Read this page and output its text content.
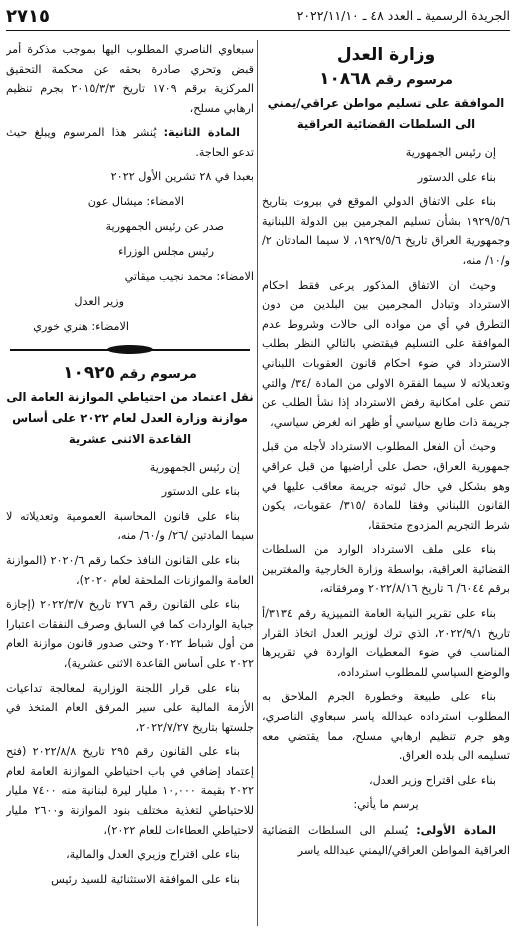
٢٧١٥	الجريدة الرسمية ـ العدد ٤٨ ـ ٢٠٢٢/١١/١٠

وزارة العدل

مرسوم رقم ١٠٨٦٨

الموافقة على تسليم مواطن عراقي/يمني الى السلطات القضائية العراقية

إن رئيس الجمهورية

بناء على الدستور

بناء على الاتفاق الدولي الموقع في بيروت بتاريخ ١٩٢٩/٥/٦ بشأن تسليم المجرمين بين الدولة اللبنانية وجمهورية العراق تاريخ ١٩٢٩/٥/٦، لا سيما المادتان ٢/ و/١٠/ منه،

وحيث ان الاتفاق المذكور يرعى فقط احكام الاسترداد وتبادل المجرمين بين البلدين من دون التطرق في أي من مواده الى حالات وشروط عدم الموافقة على التسليم فيقتضي بالتالي النظر بطلب الاسترداد في ضوء احكام قانون العقوبات اللبناني وتعديلاته لا سيما الفقرة الاولى من المادة /٣٤/ والتي تنص على امكانية رفض الاسترداد إذا نشأ الطلب عن جريمة ذات طابع سياسي أو ظهر انه لغرض سياسي،

وحيث أن الفعل المطلوب الاسترداد لأجله من قبل جمهورية العراق، حصل على أراضيها من قبل عراقي وهو بشكل في حال ثبوته جريمة معاقب عليها في القانون اللبناني وفقا للمادة /٣١٥/ عقوبات، يكون شرط التجريم المزدوج متحققا،

بناء على ملف الاسترداد الوارد من السلطات القضائية العراقية، بواسطة وزارة الخارجية والمغتربين برقم ٦٠٤٤/ ٦ تاريخ ٢٠٢٢/٨/١٦ ومرفقاته،

بناء على تقرير النيابة العامة التمييزية رقم ٣١٣٤/أ تاريخ ٢٠٢٢/٩/١، الذي ترك لوزير العدل اتخاذ القرار المناسب في ضوء المعطيات الواردة في تقريرها والوضع السياسي للمطلوب استرداده،

بناء على طبيعة وخطورة الجرم الملاحق به المطلوب استرداده عبدالله ياسر سبعاوي الناصري، وهو جرم تنظيم ارهابي مسلح، مما يقتضي معه تسليمه الى بلده العراق.

بناء على اقتراح وزير العدل،

يرسم ما يأتي:

المادة الأولى: يُسلم الى السلطات القضائية العراقية المواطن العراقي/اليمني عبدالله ياسر

سبعاوي الناصري المطلوب اليها بموجب مذكرة أمر قبض وتحري صادرة بحقه عن محكمة التحقيق المركزية برقم ١٧٠٩ تاريخ ٢٠١٥/٣/٣ بجرم تنظيم ارهابي مسلح،

المادة الثانية: يُنشر هذا المرسوم ويبلغ حيث تدعو الحاجة.

بعبدا في ٢٨ تشرين الأول ٢٠٢٢

الامضاء: ميشال عون

صدر عن رئيس الجمهورية

رئيس مجلس الوزراء

الامضاء: محمد نجيب ميقاتي

وزير العدل

الامضاء: هنري خوري

مرسوم رقم ١٠٩٢٥

نقل اعتماد من احتياطي الموازنة العامة الى موازنة وزارة العدل لعام ٢٠٢٢ على أساس القاعدة الاثنى عشرية

إن رئيس الجمهورية

بناء على الدستور

بناء على قانون المحاسبة العمومية وتعديلاته لا سيما المادتين /٢٦/ و/٦٠/ منه،

بناء على القانون النافذ حكما رقم ٢٠٢٠/٦ (الموازنة العامة والموازنات الملحقة لعام ٢٠٢٠)،

بناء على القانون رقم ٢٧٦ تاريخ ٢٠٢٢/٣/٧ (إجازة جباية الواردات كما في السابق وصرف النفقات اعتبارا من أول شباط ٢٠٢٢ وحتى صدور قانون موازنة العام ٢٠٢٢ على أساس القاعدة الاثنى عشرية)،

بناء على قرار اللجنة الوزارية لمعالجة تداعيات الأزمة المالية على سير المرفق العام المتخذ في جلستها بتاريخ ٢٠٢٢/٧/٢٧،

بناء على القانون رقم ٢٩٥ تاريخ ٢٠٢٢/٨/٨ (فتح إعتماد إضافي في باب احتياطي الموازنة العامة لعام ٢٠٢٢ بقيمة ١٠,٠٠٠ مليار ليرة لبنانية منه ٧٤٠٠ مليار للاحتياطي لتغذية مختلف بنود الموازنة و٢٦٠٠ مليار لاحتياطي العطاءات للعام ٢٠٢٢)،

بناء على اقتراح وزيري العدل والمالية،

بناء على الموافقة الاستثنائية للسيد رئيس
